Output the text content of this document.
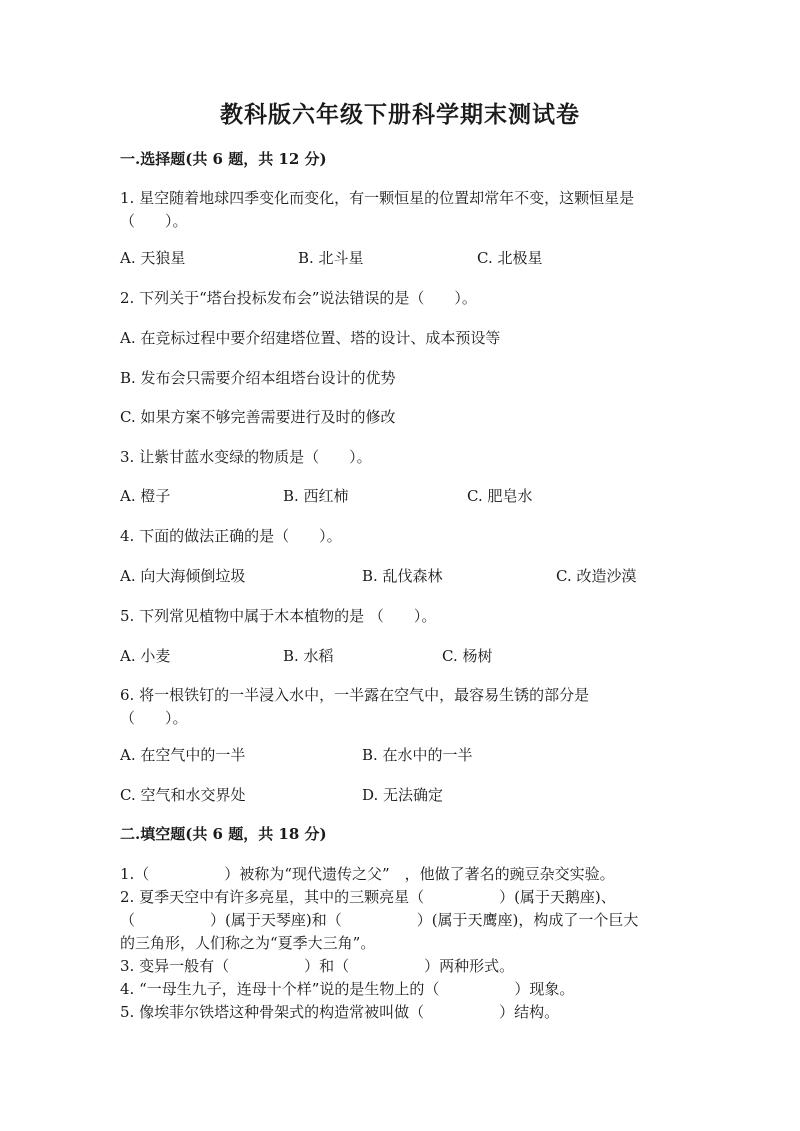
教科版六年级下册科学期末测试卷
一.选择题(共 6 题，共 12 分)
1. 星空随着地球四季变化而变化，有一颗恒星的位置却常年不变，这颗恒星是
（　　）。
A. 天狼星	B. 北斗星	C. 北极星
2. 下列关于“塔台投标发布会”说法错误的是（　　）。
A. 在竞标过程中要介绍建塔位置、塔的设计、成本预设等
B. 发布会只需要介绍本组塔台设计的优势
C. 如果方案不够完善需要进行及时的修改
3. 让紫甘蓝水变绿的物质是（　　）。
A. 橙子	B. 西红柿	C. 肥皂水
4. 下面的做法正确的是（　　）。
A. 向大海倾倒垃圾	B. 乱伐森林	C. 改造沙漠
5. 下列常见植物中属于木本植物的是 （　　）。
A. 小麦	B. 水稻	C. 杨树
6. 将一根铁钉的一半浸入水中，一半露在空气中，最容易生锈的部分是
（　　）。
A. 在空气中的一半	B. 在水中的一半
C. 空气和水交界处	D. 无法确定
二.填空题(共 6 题，共 18 分)
1.（　　　　　）被称为“现代遗传之父”　，他做了著名的豌豆杂交实验。
2. 夏季天空中有许多亮星，其中的三颗亮星（　　　　　）(属于天鹅座)、
（　　　　　）(属于天琴座)和（　　　　　）(属于天鹰座)，构成了一个巨大
的三角形，人们称之为“夏季大三角”。
3. 变异一般有（　　　　　）和（　　　　　）两种形式。
4. “一母生九子，连母十个样”说的是生物上的（　　　　　）现象。
5. 像埃菲尔铁塔这种骨架式的构造常被叫做（　　　　　）结构。
